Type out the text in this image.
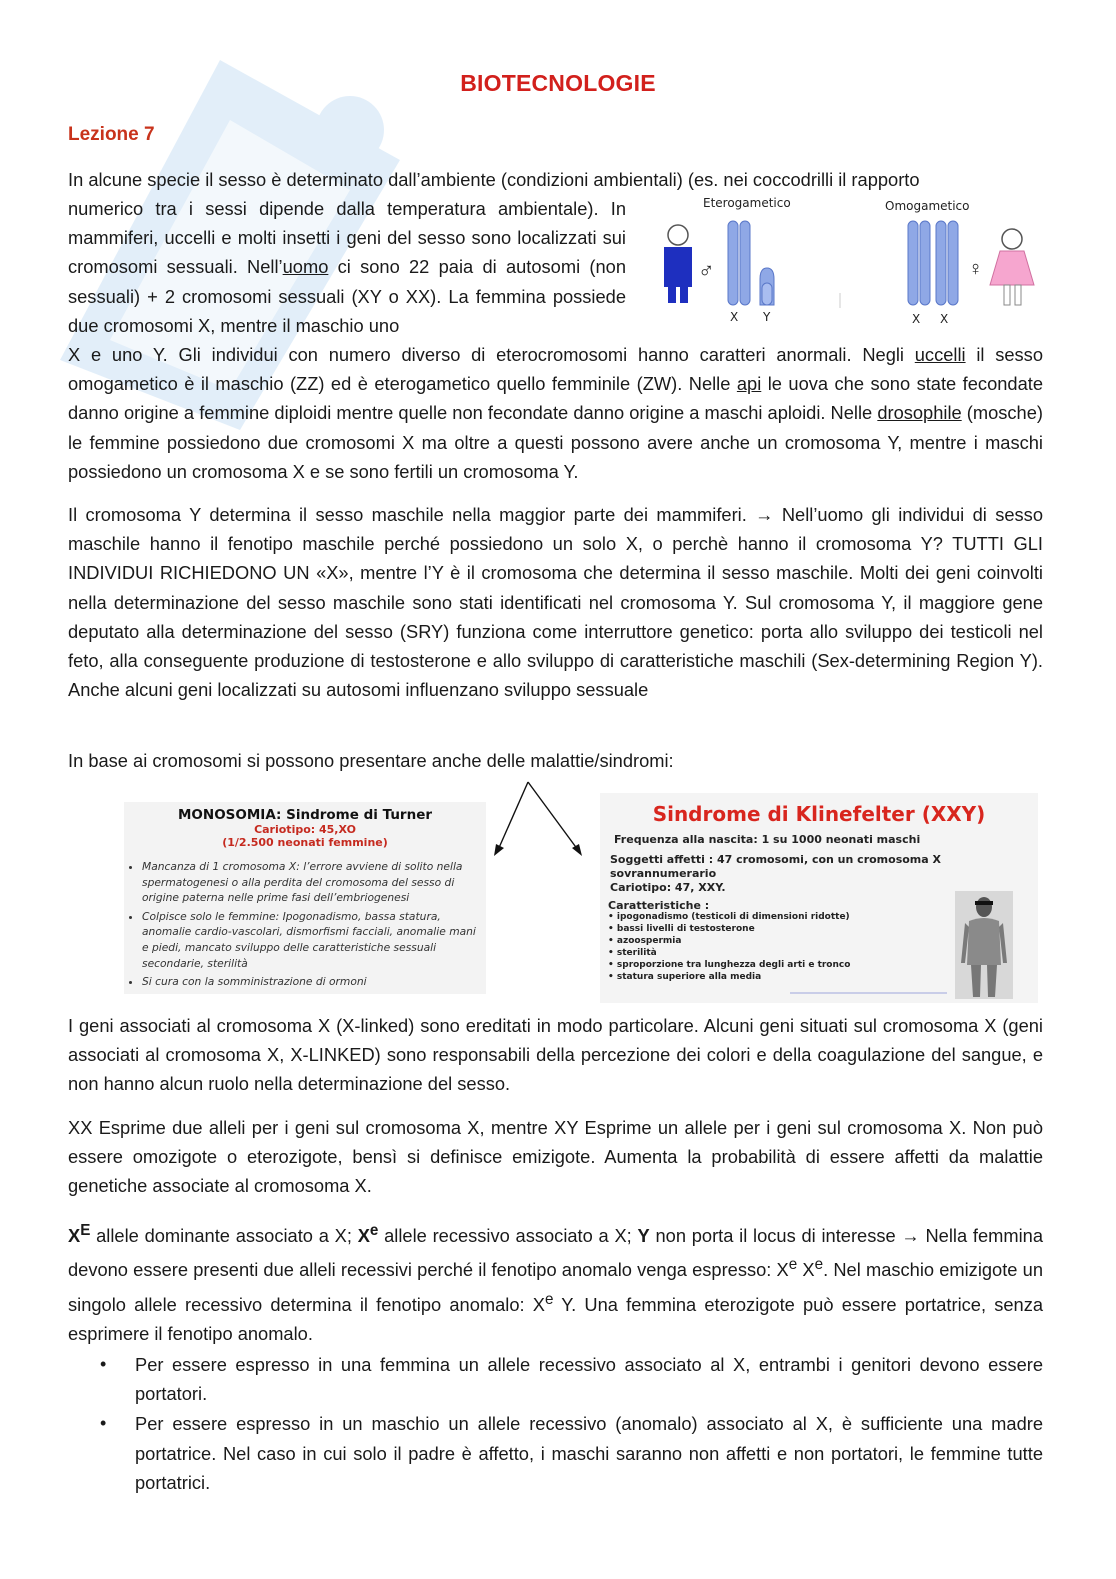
BIOTECNOLOGIE
Lezione 7
In alcune specie il sesso è determinato dall’ambiente (condizioni ambientali) (es. nei coccodrilli il rapporto
numerico tra i sessi dipende dalla temperatura ambientale). In mammiferi, uccelli e molti insetti i geni del sesso sono localizzati sui cromosomi sessuali. Nell’uomo ci sono 22 paia di autosomi (non sessuali) + 2 cromosomi sessuali (XY o XX). La femmina possiede due cromosomi X, mentre il maschio uno
X e uno Y. Gli individui con numero diverso di eterocromosomi hanno caratteri anormali. Negli uccelli il sesso omogametico è il maschio (ZZ) ed è eterogametico quello femminile (ZW). Nelle api le uova che sono state fecondate danno origine a femmine diploidi mentre quelle non fecondate danno origine a maschi aploidi. Nelle drosophile (mosche) le femmine possiedono due cromosomi X ma oltre a questi possono avere anche un cromosoma Y, mentre i maschi possiedono un cromosoma X e se sono fertili un cromosoma Y.
Eterogametico	Omogametico
♂
X Y	X X
♀
Il cromosoma Y determina il sesso maschile nella maggior parte dei mammiferi. → Nell’uomo gli individui di sesso maschile hanno il fenotipo maschile perché possiedono un solo X, o perchè hanno il cromosoma Y? TUTTI GLI INDIVIDUI RICHIEDONO UN «X», mentre l’Y è il cromosoma che determina il sesso maschile. Molti dei geni coinvolti nella determinazione del sesso maschile sono stati identificati nel cromosoma Y. Sul cromosoma Y, il maggiore gene deputato alla determinazione del sesso (SRY) funziona come interruttore genetico: porta allo sviluppo dei testicoli nel feto, alla conseguente produzione di testosterone e allo sviluppo di caratteristiche maschili (Sex-determining Region Y). Anche alcuni geni localizzati su autosomi influenzano sviluppo sessuale
In base ai cromosomi si possono presentare anche delle malattie/sindromi:
MONOSOMIA: Sindrome di Turner
Cariotipo: 45,XO
(1/2.500 neonati femmine)
• Mancanza di 1 cromosoma X: l’errore avviene di solito nella spermatogenesi o alla perdita del cromosoma del sesso di origine paterna nelle prime fasi dell’embriogenesi
• Colpisce solo le femmine: Ipogonadismo, bassa statura, anomalie cardio-vascolari, dismorfismi facciali, anomalie mani e piedi, mancato sviluppo delle caratteristiche sessuali secondarie, sterilità
• Si cura con la somministrazione di ormoni
Sindrome di Klinefelter (XXY)
Frequenza alla nascita: 1 su 1000 neonati maschi
Soggetti affetti : 47 cromosomi, con un cromosoma X sovrannumerario
Cariotipo: 47, XXY.
Caratteristiche :
• ipogonadismo (testicoli di dimensioni ridotte)
• bassi livelli di testosterone
• azoospermia
• sterilità
• sproporzione tra lunghezza degli arti e tronco
• statura superiore alla media
I geni associati al cromosoma X (X-linked) sono ereditati in modo particolare. Alcuni geni situati sul cromosoma X (geni associati al cromosoma X, X-LINKED) sono responsabili della percezione dei colori e della coagulazione del sangue, e non hanno alcun ruolo nella determinazione del sesso.
XX Esprime due alleli per i geni sul cromosoma X, mentre XY Esprime un allele per i geni sul cromosoma X. Non può essere omozigote o eterozigote, bensì si definisce emizigote. Aumenta la probabilità di essere affetti da malattie genetiche associate al cromosoma X.
$X^E$ allele dominante associato a X; Xe allele recessivo associato a X; Y non porta il locus di interesse → Nella femmina devono essere presenti due alleli recessivi perché il fenotipo anomalo venga espresso: Xe Xe. Nel maschio emizigote un singolo allele recessivo determina il fenotipo anomalo: Xe Y. Una femmina eterozigote può essere portatrice, senza esprimere il fenotipo anomalo.
• Per essere espresso in una femmina un allele recessivo associato al X, entrambi i genitori devono essere portatori.
• Per essere espresso in un maschio un allele recessivo (anomalo) associato al X, è sufficiente una madre portatrice. Nel caso in cui solo il padre è affetto, i maschi saranno non affetti e non portatori, le femmine tutte portatrici.
